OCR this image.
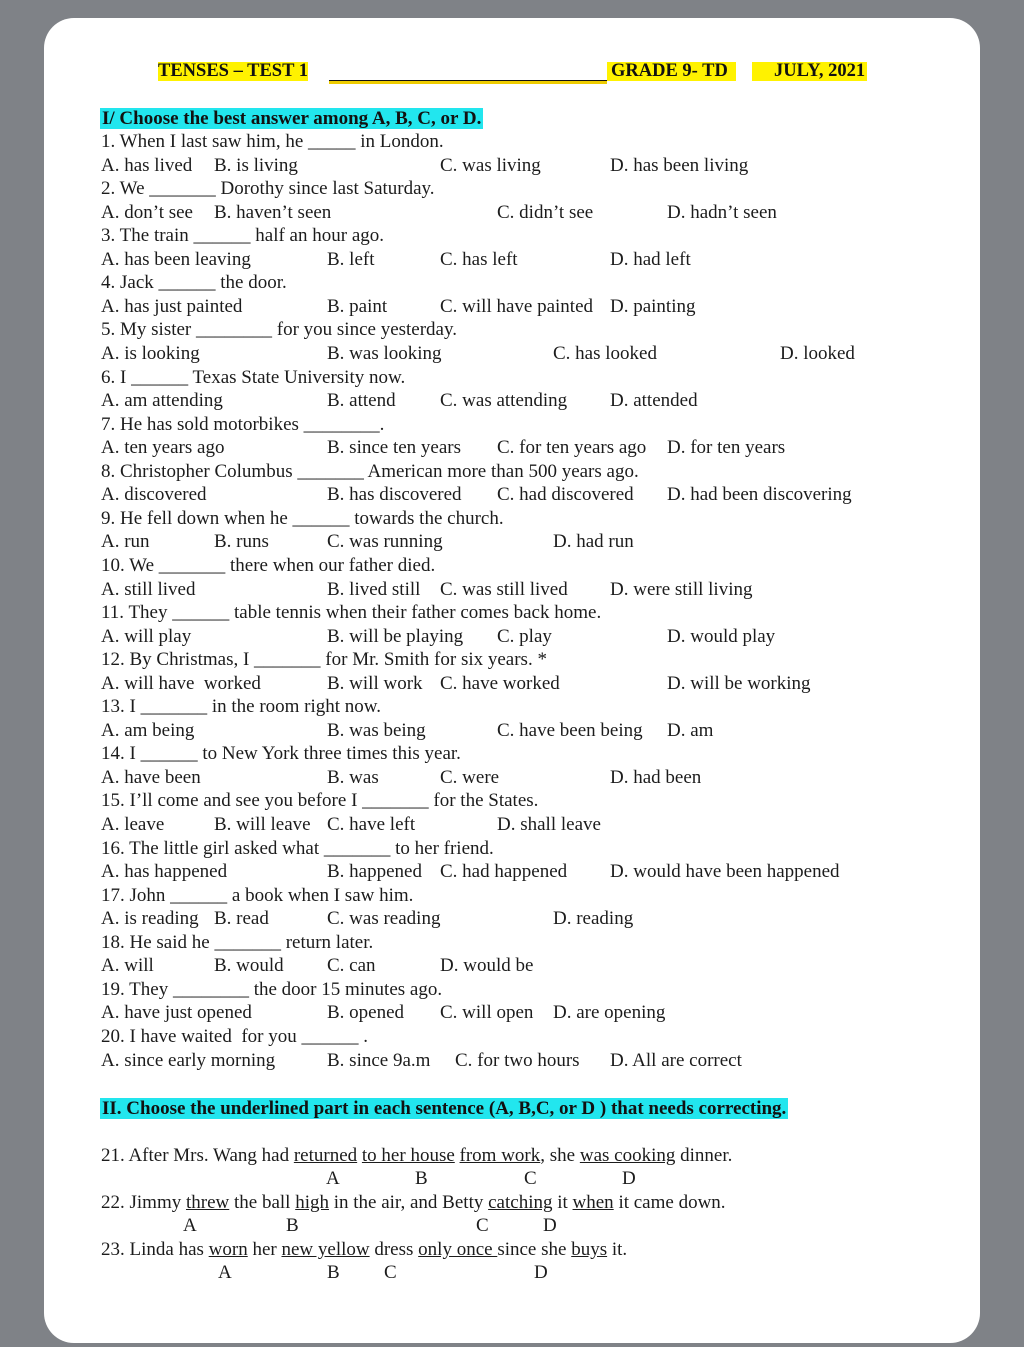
TENSES – TEST 1	GRADE 9- TD	JULY, 2021
I/ Choose the best answer among A, B, C, or D.
1. When I last saw him, he _____ in London.
A. has lived B. is living	C. was living	D. has been living
2. We _______ Dorothy since last Saturday.
A. don’t see B. haven’t seen	C. didn’t see	D. hadn’t seen
3. The train ______ half an hour ago.
A. has been leaving	B. left	C. has left	D. had left
4. Jack ______ the door.
A. has just painted	B. paint	C. will have painted D. painting
5. My sister ________ for you since yesterday.
A. is looking	B. was looking	C. has looked	D. looked
6. I ______ Texas State University now.
A. am attending	B. attend C. was attending D. attended
7. He has sold motorbikes ________.
A. ten years ago	B. since ten years C. for ten years ago D. for ten years
8. Christopher Columbus _______ American more than 500 years ago.
A. discovered	B. has discovered C. had discovered D. had been discovering
9. He fell down when he ______ towards the church.
A. run	B. runs	C. was running	D. had run
10. We _______ there when our father died.
A. still lived	B. lived still C. was still lived D. were still living
11. They ______ table tennis when their father comes back home.
A. will play	B. will be playing C. play	D. would play
12. By Christmas, I _______ for Mr. Smith for six years. *
A. will have  worked	B. will work C. have worked	D. will be working
13. I _______ in the room right now.
A. am being	B. was being	C. have been being D. am
14. I ______ to New York three times this year.
A. have been	B. was	C. were	D. had been
15. I’ll come and see you before I _______ for the States.
A. leave	B. will leave C. have left	D. shall leave
16. The little girl asked what _______ to her friend.
A. has happened	B. happened C. had happened D. would have been happened
17. John ______ a book when I saw him.
A. is reading B. read	C. was reading	D. reading
18. He said he _______ return later.
A. will	B. would C. can	D. would be
19. They ________ the door 15 minutes ago.
A. have just opened	B. opened C. will open D. are opening
20. I have waited  for you ______ .
A. since early morning	B. since 9a.m C. for two hours D. All are correct
II. Choose the underlined part in each sentence (A, B,C, or D ) that needs correcting.
21. After Mrs. Wang had returned to her house from work, she was cooking dinner.
A	B	C	D
22. Jimmy threw the ball high in the air, and Betty catching it when it came down.
A	B	C	D
23. Linda has worn her new yellow dress only once since she buys it.
A	B C	D
